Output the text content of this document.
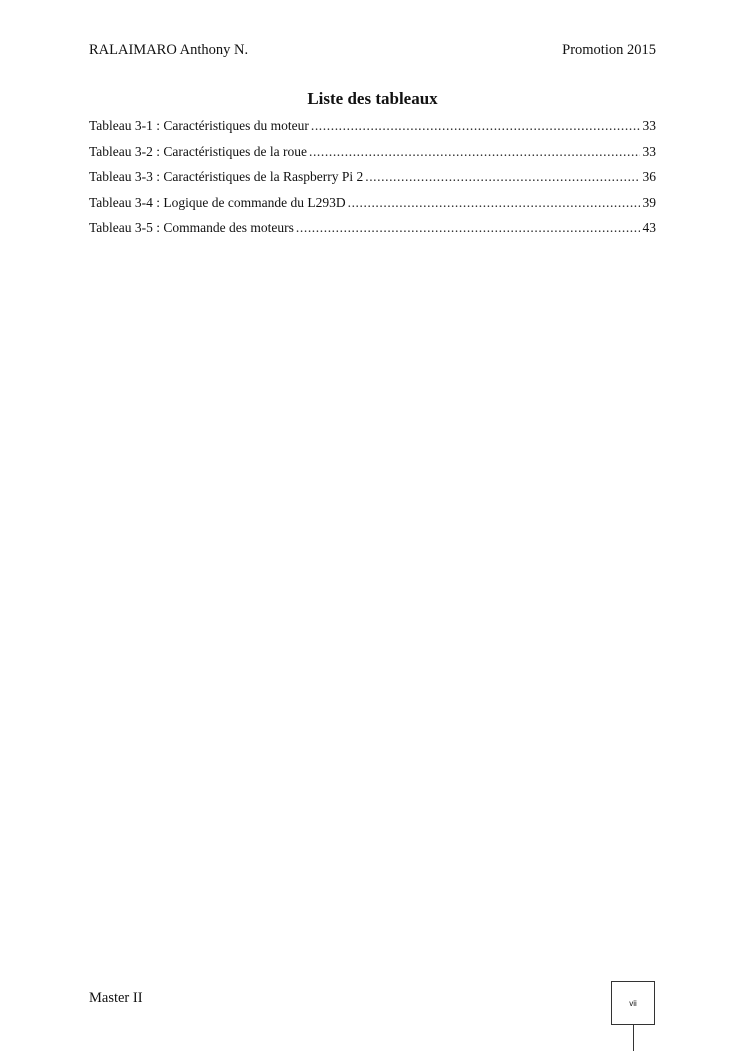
RALAIMARO Anthony N.	Promotion 2015
Liste des tableaux
Tableau 3-1 : Caractéristiques du moteur .....	33
Tableau 3-2 : Caractéristiques de la roue .....	33
Tableau 3-3 : Caractéristiques de la Raspberry Pi 2 .....	36
Tableau 3-4 : Logique de commande du L293D .....	39
Tableau 3-5 : Commande des moteurs .....	43
Master II	vii
